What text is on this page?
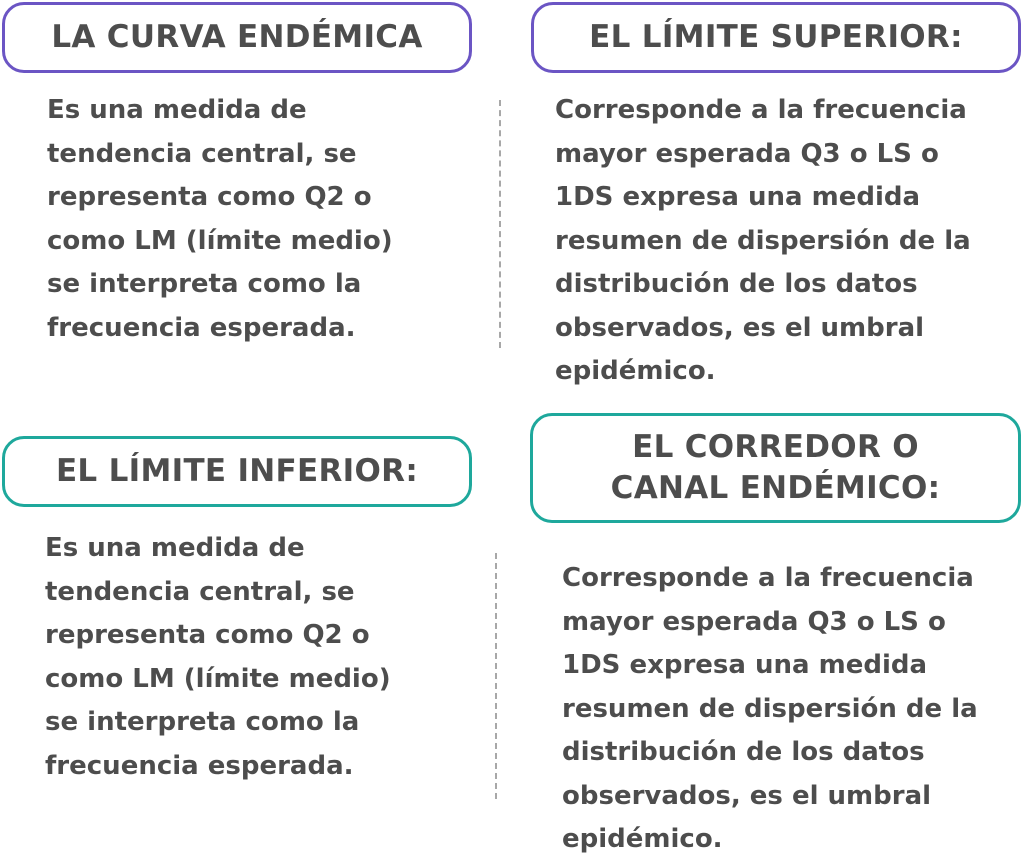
LA CURVA ENDÉMICA
Es una medida de
tendencia central, se
representa como Q2 o
como LM (límite medio)
se interpreta como la
frecuencia esperada.
EL LÍMITE SUPERIOR:
Corresponde a la frecuencia
mayor esperada Q3 o LS o
1DS expresa una medida
resumen de dispersión de la
distribución de los datos
observados, es el umbral
epidémico.
EL LÍMITE INFERIOR:
Es una medida de
tendencia central, se
representa como Q2 o
como LM (límite medio)
se interpreta como la
frecuencia esperada.
EL CORREDOR O
CANAL ENDÉMICO:
Corresponde a la frecuencia
mayor esperada Q3 o LS o
1DS expresa una medida
resumen de dispersión de la
distribución de los datos
observados, es el umbral
epidémico.
